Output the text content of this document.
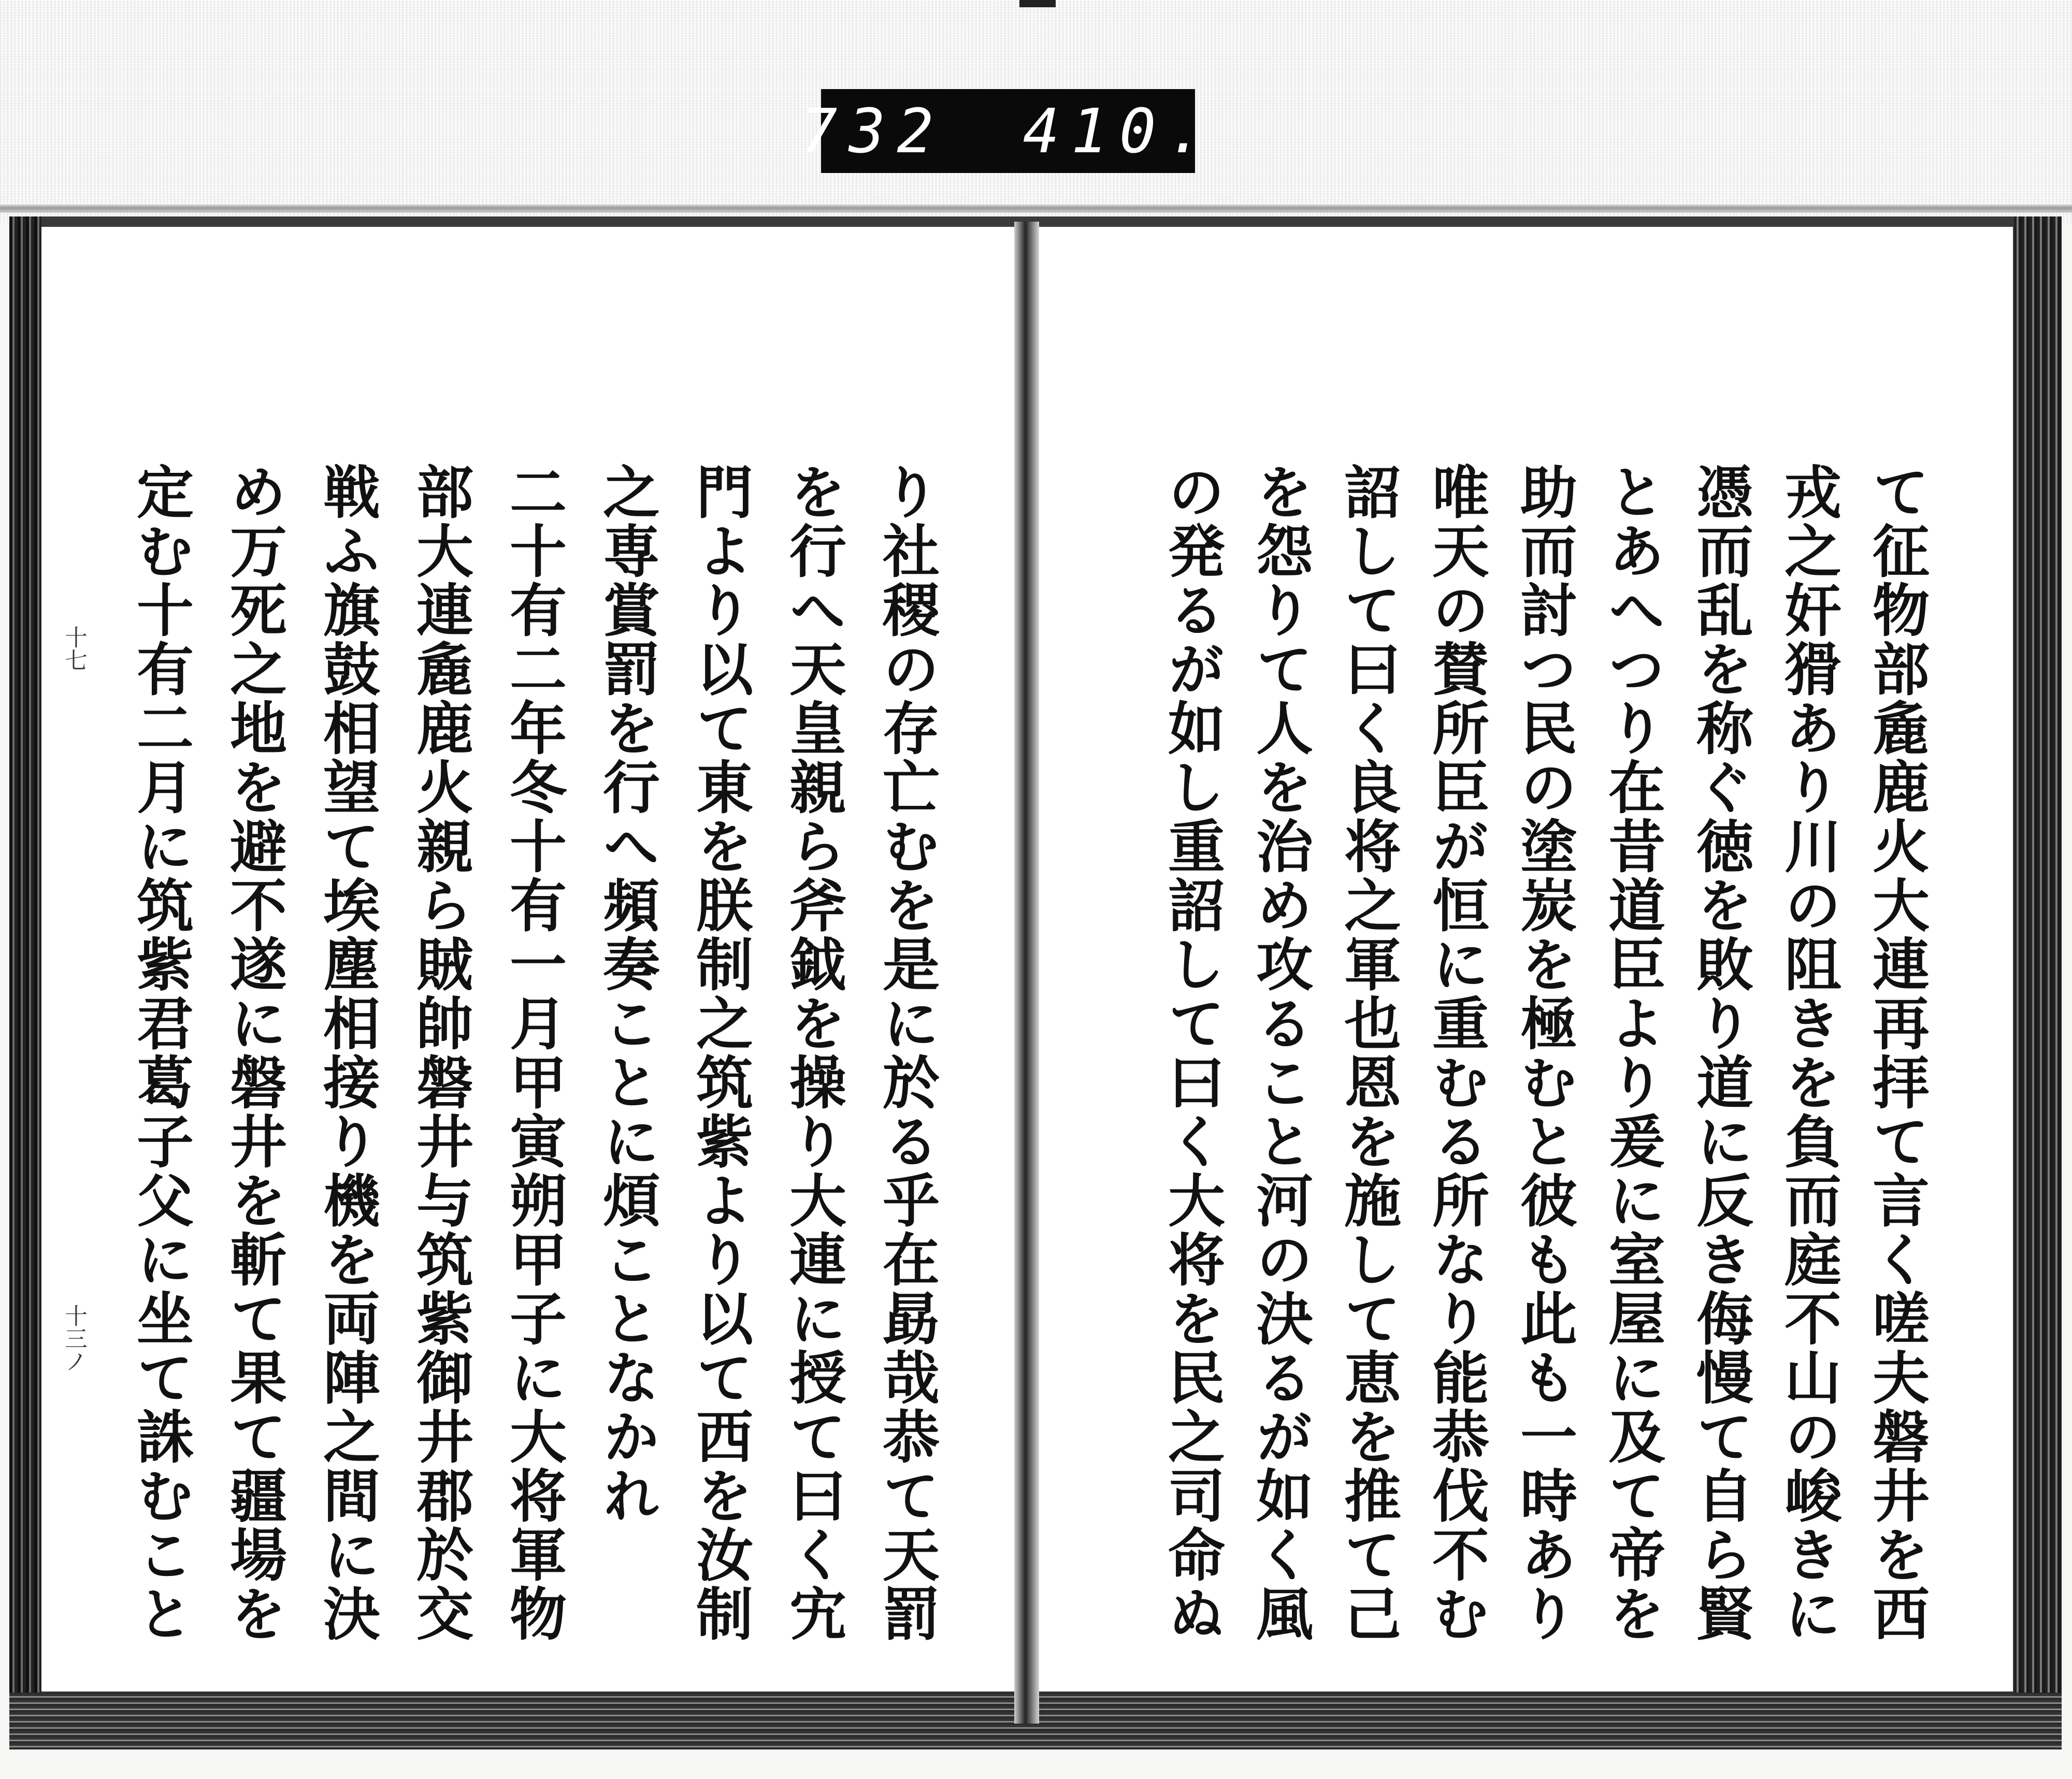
732 410.
十七
十三ノ 定む十有二月に筑紫君葛子父に坐て誅むこと め万死之地を避不遂に磐井を斬て果て疆場を 戦ふ旗鼓相望て埃塵相接り機を両陣之間に決 部大連麁鹿火親ら賊帥磐井与筑紫御井郡於交 二十有二年冬十有一月甲寅朔甲子に大将軍物 之専賞罰を行へ頻奏ことに煩ことなかれ 門より以て東を朕制之筑紫より以て西を汝制 を行へ天皇親ら斧鉞を操り大連に授て曰く宄 り社稷の存亡むを是に於る乎在勗哉恭て天罰	の発るが如し重詔して曰く大将を民之司命ぬ を怨りて人を治め攻ること河の決るが如く風 詔して曰く良将之軍也恩を施して恵を推て己 唯天の賛所臣が恒に重むる所なり能恭伐不む 助而討つ民の塗炭を極むと彼も此も一時あり とあへつり在昔道臣より爰に室屋に及て帝を 憑而乱を称ぐ徳を敗り道に反き侮慢て自ら賢 戎之奸猾あり川の阻きを負而庭不山の峻きに て征物部麁鹿火大連再拝て言く嗟夫磐井を西
